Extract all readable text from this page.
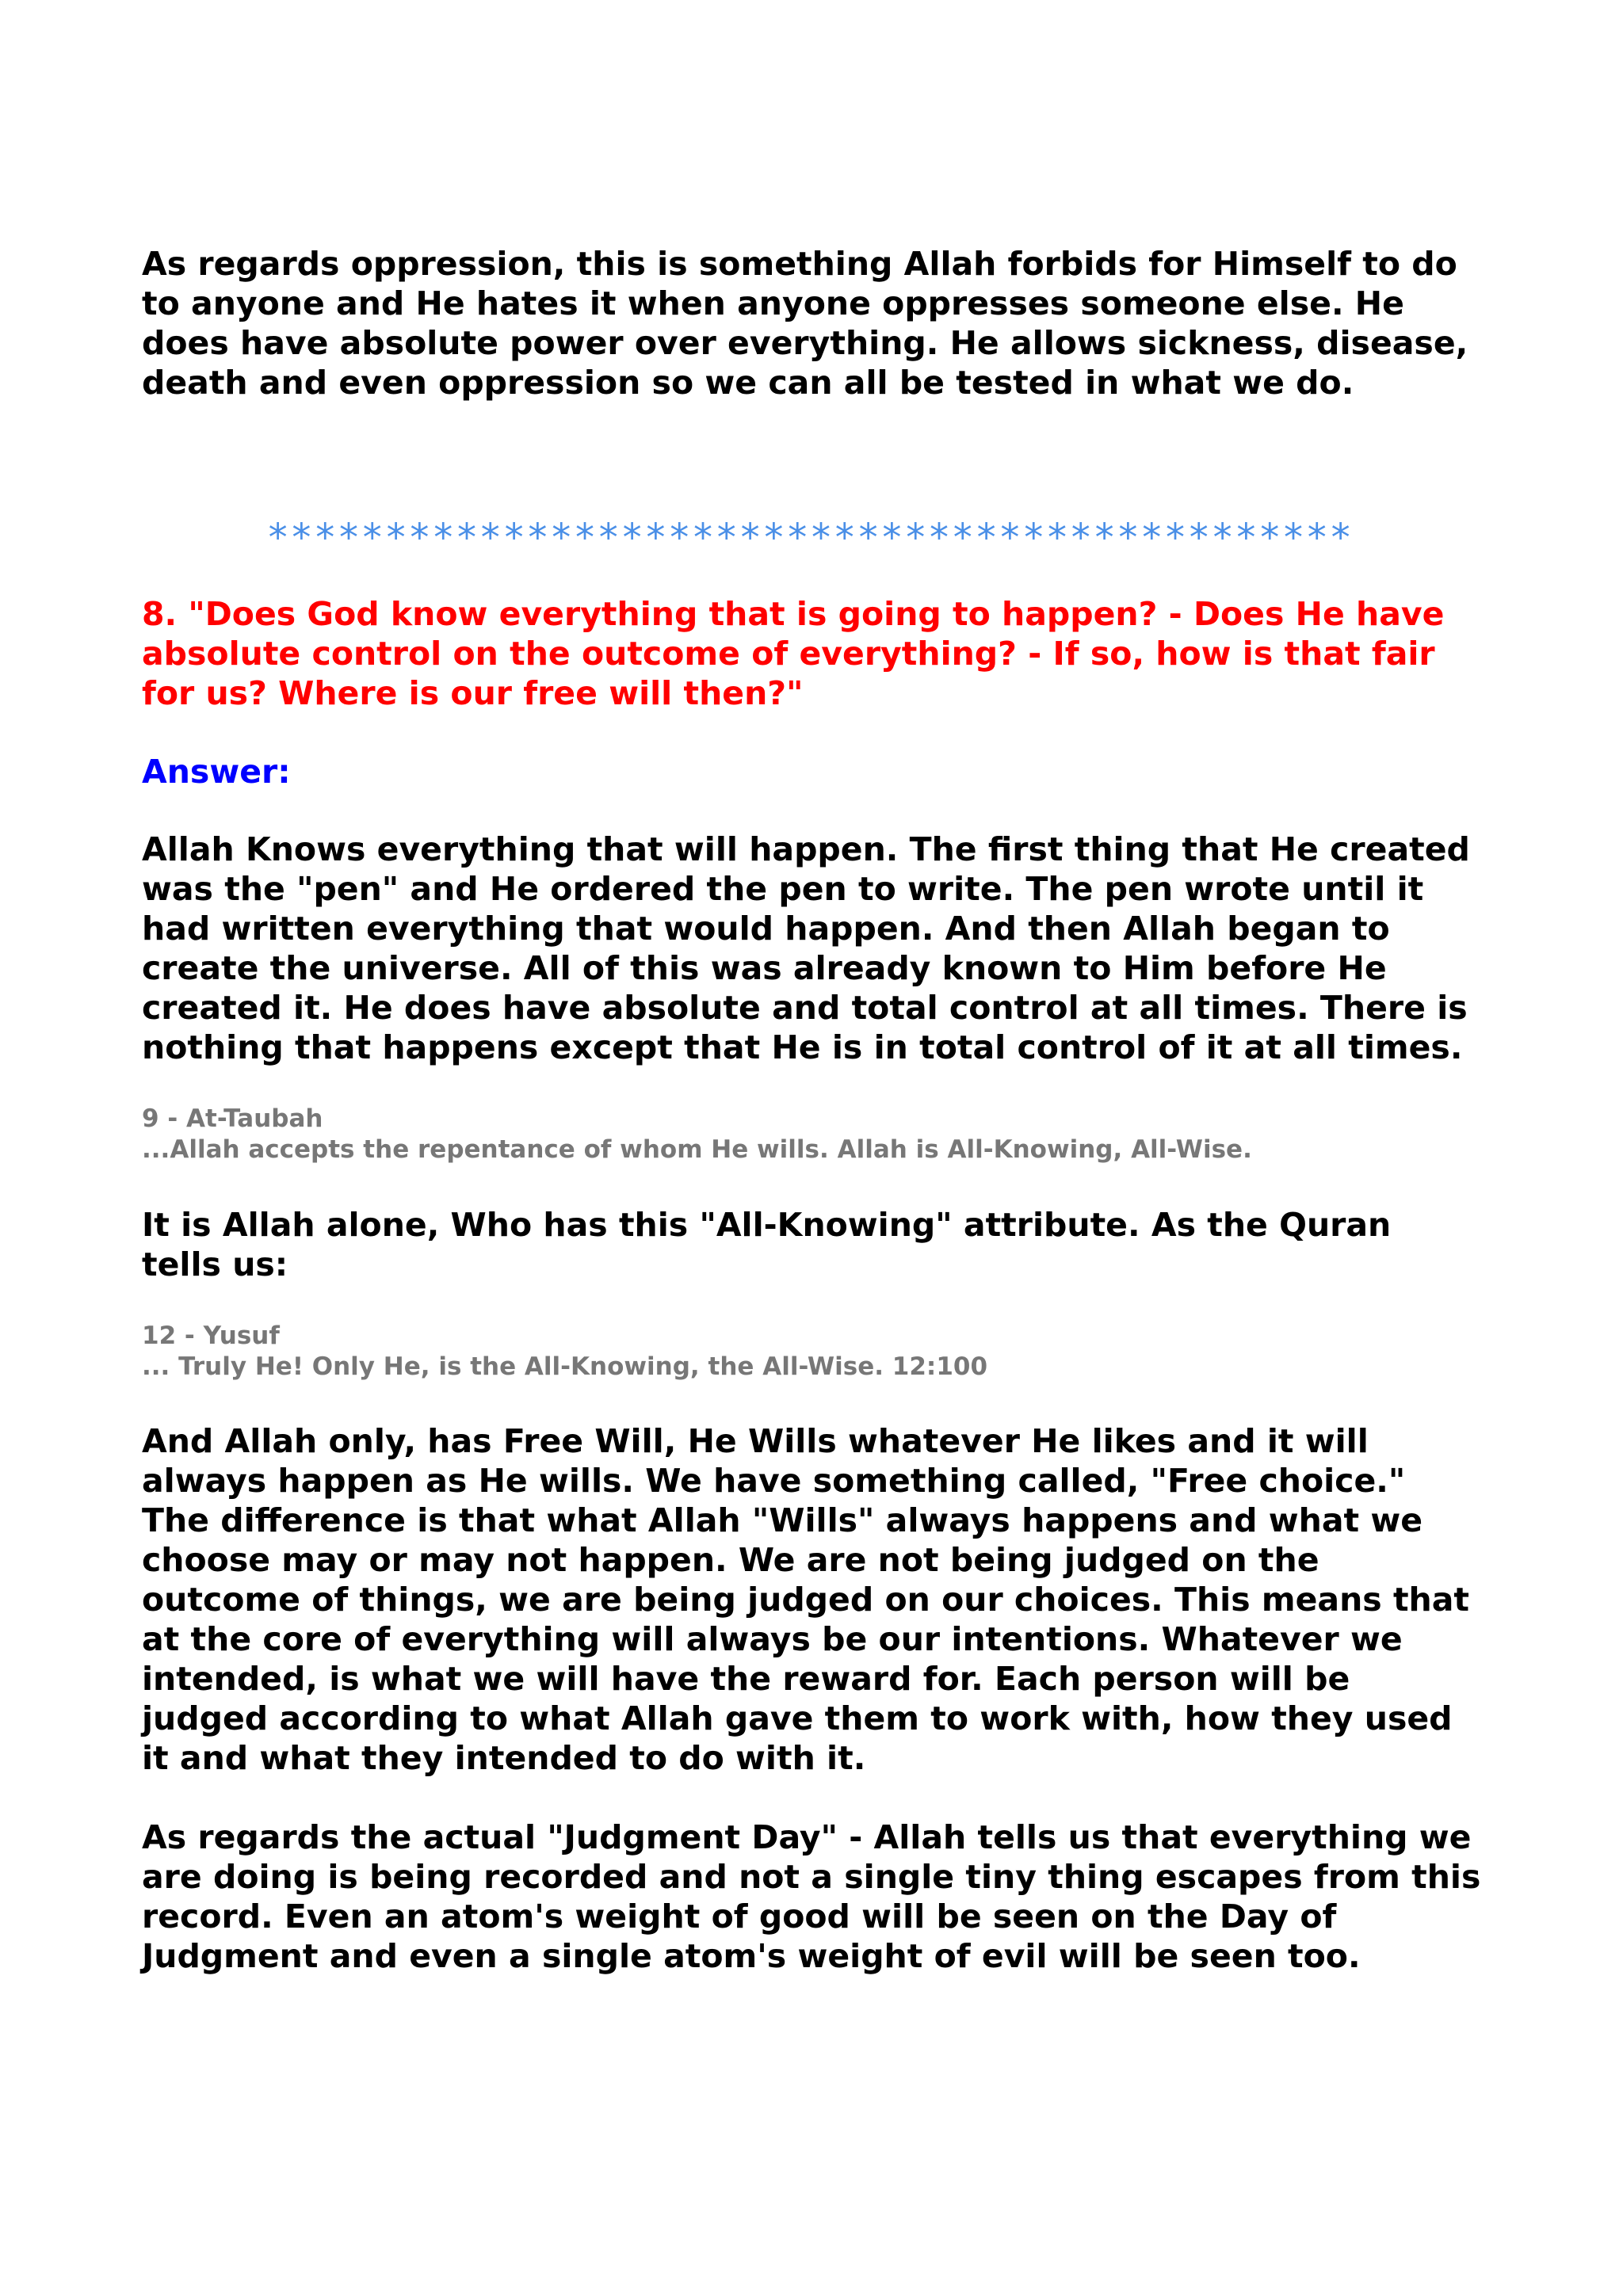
As regards oppression, this is something Allah forbids for Himself to do
to anyone and He hates it when anyone oppresses someone else. He
does have absolute power over everything. He allows sickness, disease,
death and even oppression so we can all be tested in what we do.
**********************************************
8. "Does God know everything that is going to happen? - Does He have
absolute control on the outcome of everything? - If so, how is that fair
for us? Where is our free will then?"
Answer:
Allah Knows everything that will happen. The first thing that He created
was the "pen" and He ordered the pen to write. The pen wrote until it
had written everything that would happen. And then Allah began to
create the universe. All of this was already known to Him before He
created it. He does have absolute and total control at all times. There is
nothing that happens except that He is in total control of it at all times.
9 - At-Taubah
...Allah accepts the repentance of whom He wills. Allah is All-Knowing, All-Wise.
It is Allah alone, Who has this "All-Knowing" attribute. As the Quran
tells us:
12 - Yusuf
... Truly He! Only He, is the All-Knowing, the All-Wise. 12:100
And Allah only, has Free Will, He Wills whatever He likes and it will
always happen as He wills. We have something called, "Free choice."
The difference is that what Allah "Wills" always happens and what we
choose may or may not happen. We are not being judged on the
outcome of things, we are being judged on our choices. This means that
at the core of everything will always be our intentions. Whatever we
intended, is what we will have the reward for. Each person will be
judged according to what Allah gave them to work with, how they used
it and what they intended to do with it.
As regards the actual "Judgment Day" - Allah tells us that everything we
are doing is being recorded and not a single tiny thing escapes from this
record. Even an atom's weight of good will be seen on the Day of
Judgment and even a single atom's weight of evil will be seen too.
